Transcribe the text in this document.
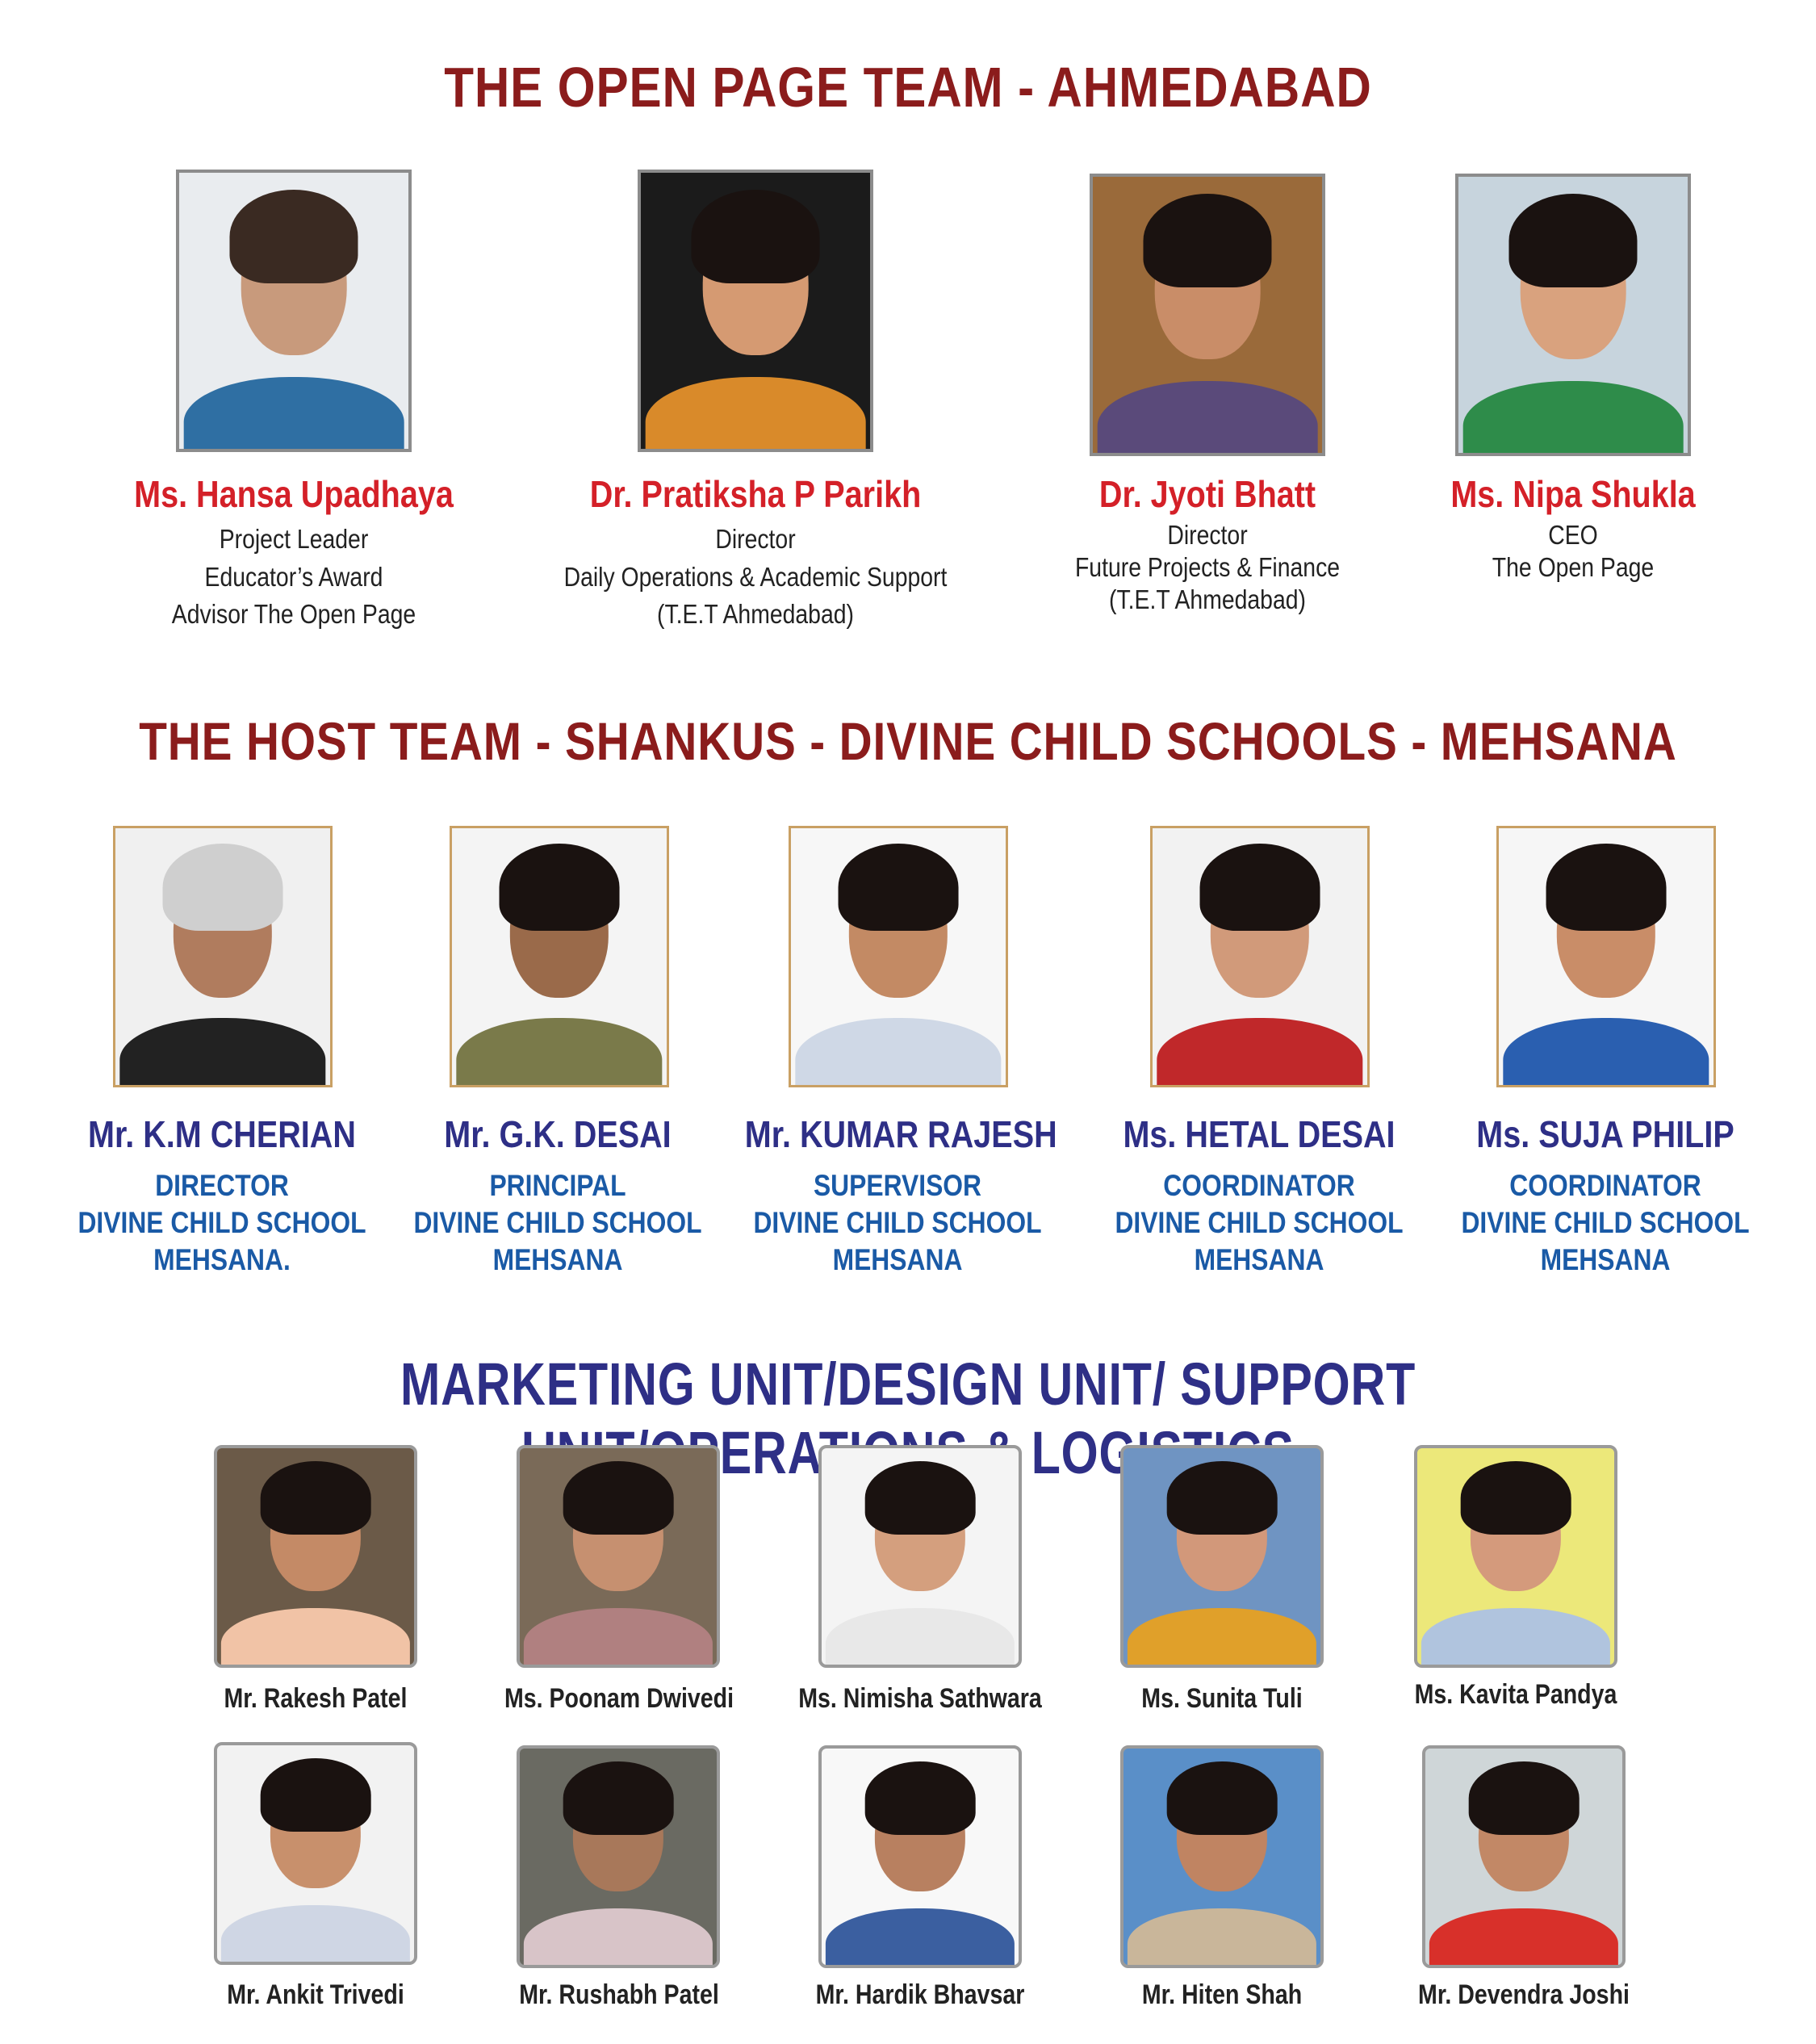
THE OPEN PAGE TEAM - AHMEDABAD
THE HOST TEAM - SHANKUS - DIVINE CHILD SCHOOLS - MEHSANA
MARKETING UNIT/DESIGN UNIT/ SUPPORT UNIT/OPERATIONS
Ms. Hansa Upadhaya
Project Leader
Educator’s Award
Advisor The Open Page
Dr. Pratiksha P Parikh
Director
Daily Operations & Academic Support
(T.E.T Ahmedabad)
Dr. Jyoti Bhatt
Director
Future Projects & Finance
(T.E.T Ahmedabad)
Ms. Nipa Shukla
CEO
The Open Page
Mr. K.M CHERIAN
DIRECTOR
DIVINE CHILD SCHOOL
MEHSANA.
Mr. G.K. DESAI
PRINCIPAL
DIVINE CHILD SCHOOL
MEHSANA
Mr. KUMAR RAJESH
SUPERVISOR
DIVINE CHILD SCHOOL
MEHSANA
Ms. HETAL DESAI
COORDINATOR
DIVINE CHILD SCHOOL
MEHSANA
Ms. SUJA PHILIP
COORDINATOR
DIVINE CHILD SCHOOL
MEHSANA
Mr. Rakesh Patel	Ms. Poonam Dwivedi	Ms. Nimisha Sathwara	Ms. Sunita Tuli	Ms. Kavita Pandya
Mr. Ankit Trivedi	Mr. Rushabh Patel	Mr. Hardik Bhavsar	Mr. Hiten Shah	Mr. Devendra Joshi
